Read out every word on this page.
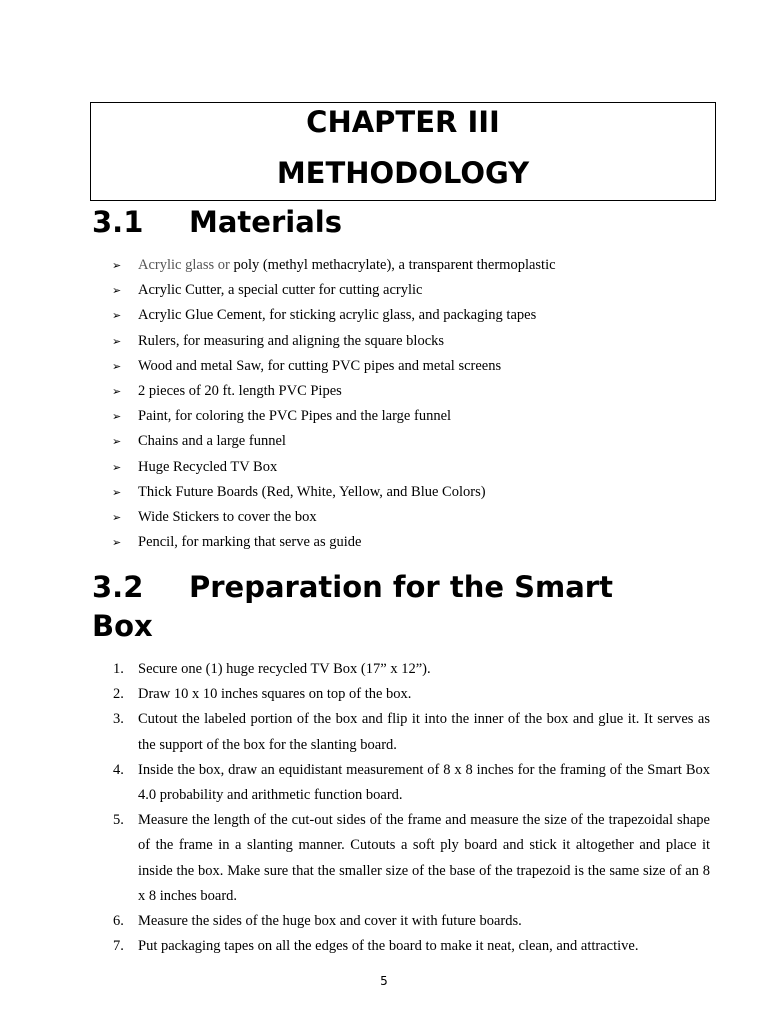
CHAPTER III
METHODOLOGY
3.1 Materials
➢ Acrylic glass or poly (methyl methacrylate), a transparent thermoplastic
➢ Acrylic Cutter, a special cutter for cutting acrylic
➢ Acrylic Glue Cement, for sticking acrylic glass, and packaging tapes
➢ Rulers, for measuring and aligning the square blocks
➢ Wood and metal Saw, for cutting PVC pipes and metal screens
➢ 2 pieces of 20 ft. length PVC Pipes
➢ Paint, for coloring the PVC Pipes and the large funnel
➢ Chains and a large funnel
➢ Huge Recycled TV Box
➢ Thick Future Boards (Red, White, Yellow, and Blue Colors)
➢ Wide Stickers to cover the box
➢ Pencil, for marking that serve as guide
3.2 Preparation for the Smart
Box
1. Secure one (1) huge recycled TV Box (17” x 12”).
2. Draw 10 x 10 inches squares on top of the box.
3. Cutout the labeled portion of the box and flip it into the inner of the box and glue it. It serves as the support of the box for the slanting board.
4. Inside the box, draw an equidistant measurement of 8 x 8 inches for the framing of the Smart Box 4.0 probability and arithmetic function board.
5. Measure the length of the cut-out sides of the frame and measure the size of the trapezoidal shape of the frame in a slanting manner. Cutouts a soft ply board and stick it altogether and place it inside the box. Make sure that the smaller size of the base of the trapezoid is the same size of an 8 x 8 inches board.
6. Measure the sides of the huge box and cover it with future boards.
7. Put packaging tapes on all the edges of the board to make it neat, clean, and attractive.
5
